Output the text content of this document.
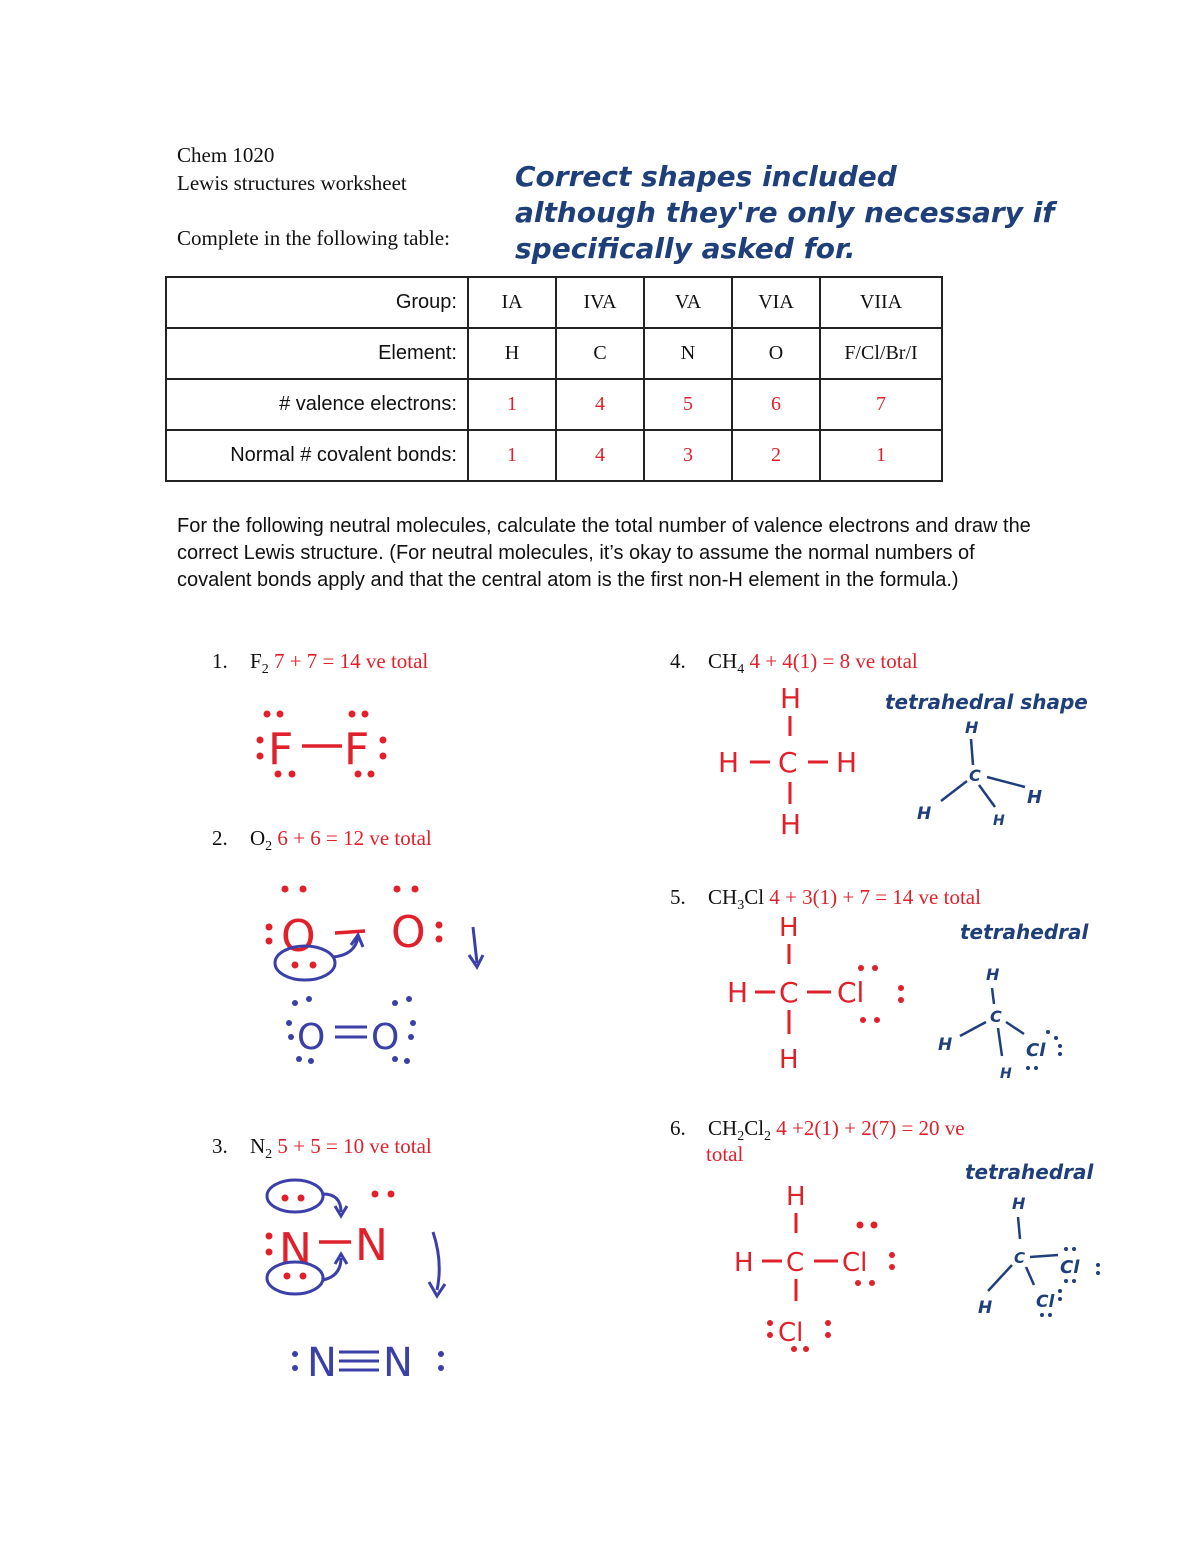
Chem 1020
Lewis structures worksheet
Complete in the following table:
Correct shapes included
although they're only necessary if
specifically asked for.
Group:	IA	IVA	VA	VIA	VIIA
Element:	H	C	N	O	F/Cl/Br/I
# valence electrons:	1	4	5	6	7
Normal # covalent bonds:	1	4	3	2	1
For the following neutral molecules, calculate the total number of valence electrons and draw the correct Lewis structure. (For neutral molecules, it’s okay to assume the normal numbers of covalent bonds apply and that the central atom is the first non-H element in the formula.)
1. $F_2$ 7 + 7 = 14 ve total
2. $O_2$ 6 + 6 = 12 ve total
3. $N_2$ 5 + 5 = 10 ve total
4. $CH_4$ 4 + 4(1) = 8 ve total
5. $CH_3Cl$ 4 + 3(1) + 7 = 14 ve total
6. $CH_2Cl_2$ 4 +2(1) + 2(7) = 20 ve
total
F F
O O
O O
N N
N N
H
H C H
H
tetrahedral shape
H
C
H
H	H
H
H C Cl
H
tetrahedral
H
C
H	Cl
H
H
H C Cl
Cl
tetrahedral
H
C Cl
H	Cl
